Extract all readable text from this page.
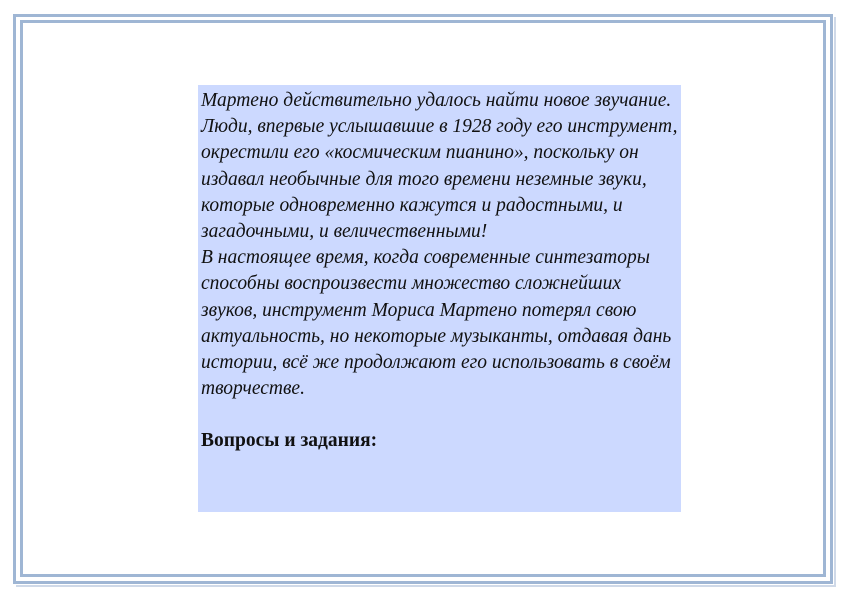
Мартено действительно удалось найти новое звучание. Люди, впервые услышавшие в 1928 году его инструмент, окрестили его «космическим пианино», поскольку он издавал необычные для того времени неземные звуки, которые одновременно кажутся и радостными, и загадочными, и величественными!

В настоящее время, когда современные синтезаторы способны воспроизвести множество сложнейших звуков, инструмент Мориса Мартено потерял свою актуальность, но некоторые музыканты, отдавая дань истории, всё же продолжают его использовать в своём творчестве.

Вопросы и задания:
